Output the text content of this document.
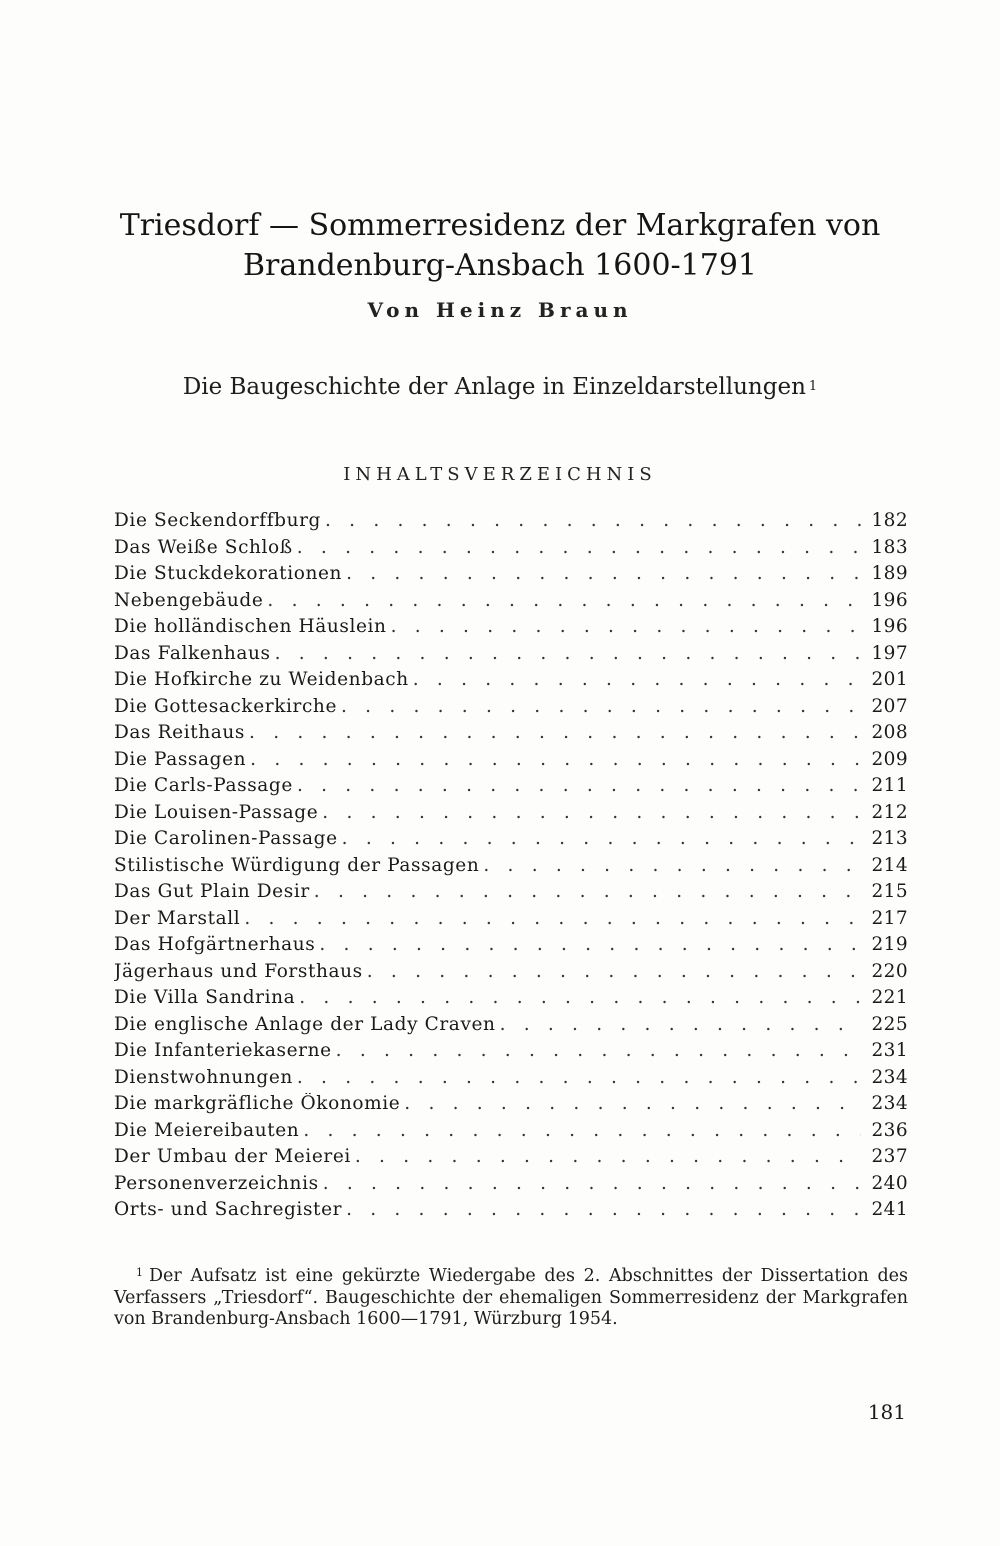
Triesdorf — Sommerresidenz der Markgrafen von
Brandenburg-Ansbach 1600-1791
Von Heinz Braun
Die Baugeschichte der Anlage in Einzeldarstellungen $^1$
INHALTSVERZEICHNIS
Die Seckendorffburg . . .	182
Das Weiße Schloß . . .	183
Die Stuckdekorationen . . .	189
Nebengebäude . . .	196
Die holländischen Häuslein . . .	196
Das Falkenhaus . . .	197
Die Hofkirche zu Weidenbach . . .	201
Die Gottesackerkirche . . .	207
Das Reithaus . . .	208
Die Passagen . . .	209
Die Carls-Passage . . .	211
Die Louisen-Passage . . .	212
Die Carolinen-Passage . . .	213
Stilistische Würdigung der Passagen . . .	214
Das Gut Plain Desir . . .	215
Der Marstall . . .	217
Das Hofgärtnerhaus . . .	219
Jägerhaus und Forsthaus . . .	220
Die Villa Sandrina . . .	221
Die englische Anlage der Lady Craven . . .	225
Die Infanteriekaserne . . .	231
Dienstwohnungen . . .	234
Die markgräfliche Ökonomie . . .	234
Die Meiereibauten . . .	236
Der Umbau der Meierei . . .	237
Personenverzeichnis . . .	240
Orts- und Sachregister . . .	241

$^1$ Der Aufsatz ist eine gekürzte Wiedergabe des 2. Abschnittes der Dissertation des Verfassers „Triesdorf“. Baugeschichte der ehemaligen Sommerresidenz der Markgrafen von Brandenburg-Ansbach 1600—1791, Würzburg 1954.

181
